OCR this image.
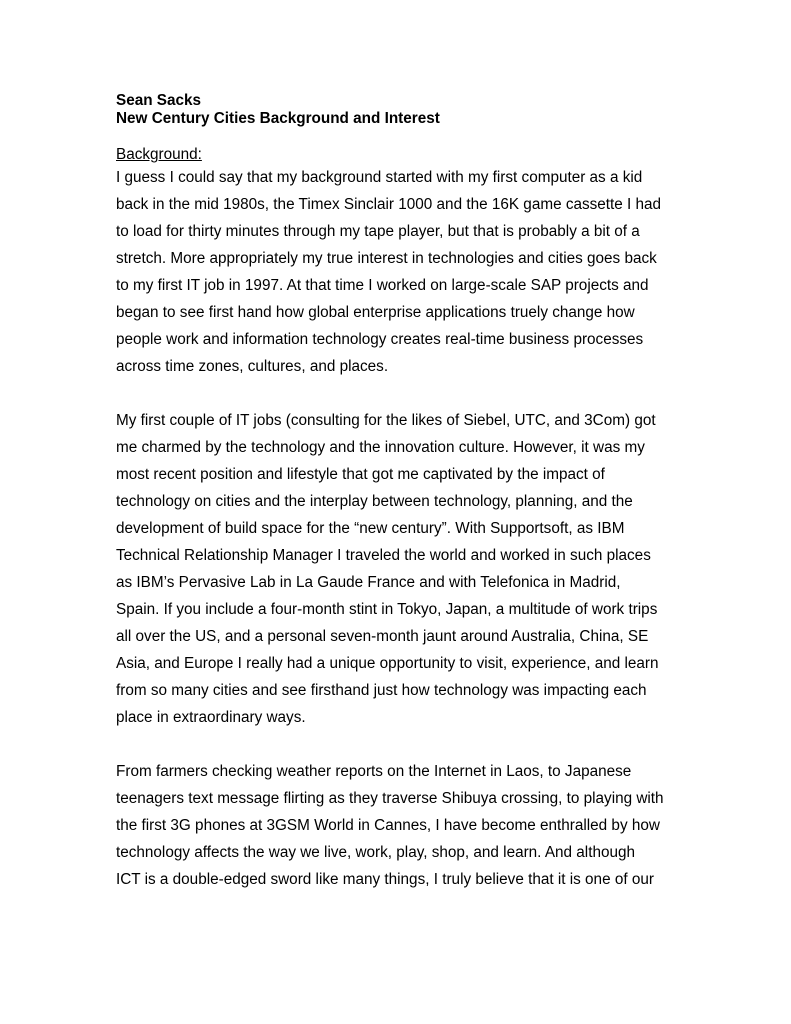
Sean Sacks
New Century Cities Background and Interest
Background:
I guess I could say that my background started with my first computer as a kid
back in the mid 1980s, the Timex Sinclair 1000 and the 16K game cassette I had
to load for thirty minutes through my tape player, but that is probably a bit of a
stretch. More appropriately my true interest in technologies and cities goes back
to my first IT job in 1997. At that time I worked on large-scale SAP projects and
began to see first hand how global enterprise applications truely change how
people work and information technology creates real-time business processes
across time zones, cultures, and places.
My first couple of IT jobs (consulting for the likes of Siebel, UTC, and 3Com) got
me charmed by the technology and the innovation culture. However, it was my
most recent position and lifestyle that got me captivated by the impact of
technology on cities and the interplay between technology, planning, and the
development of build space for the “new century”. With Supportsoft, as IBM
Technical Relationship Manager I traveled the world and worked in such places
as IBM’s Pervasive Lab in La Gaude France and with Telefonica in Madrid,
Spain. If you include a four-month stint in Tokyo, Japan, a multitude of work trips
all over the US, and a personal seven-month jaunt around Australia, China, SE
Asia, and Europe I really had a unique opportunity to visit, experience, and learn
from so many cities and see firsthand just how technology was impacting each
place in extraordinary ways.
From farmers checking weather reports on the Internet in Laos, to Japanese
teenagers text message flirting as they traverse Shibuya crossing, to playing with
the first 3G phones at 3GSM World in Cannes, I have become enthralled by how
technology affects the way we live, work, play, shop, and learn. And although
ICT is a double-edged sword like many things, I truly believe that it is one of our
